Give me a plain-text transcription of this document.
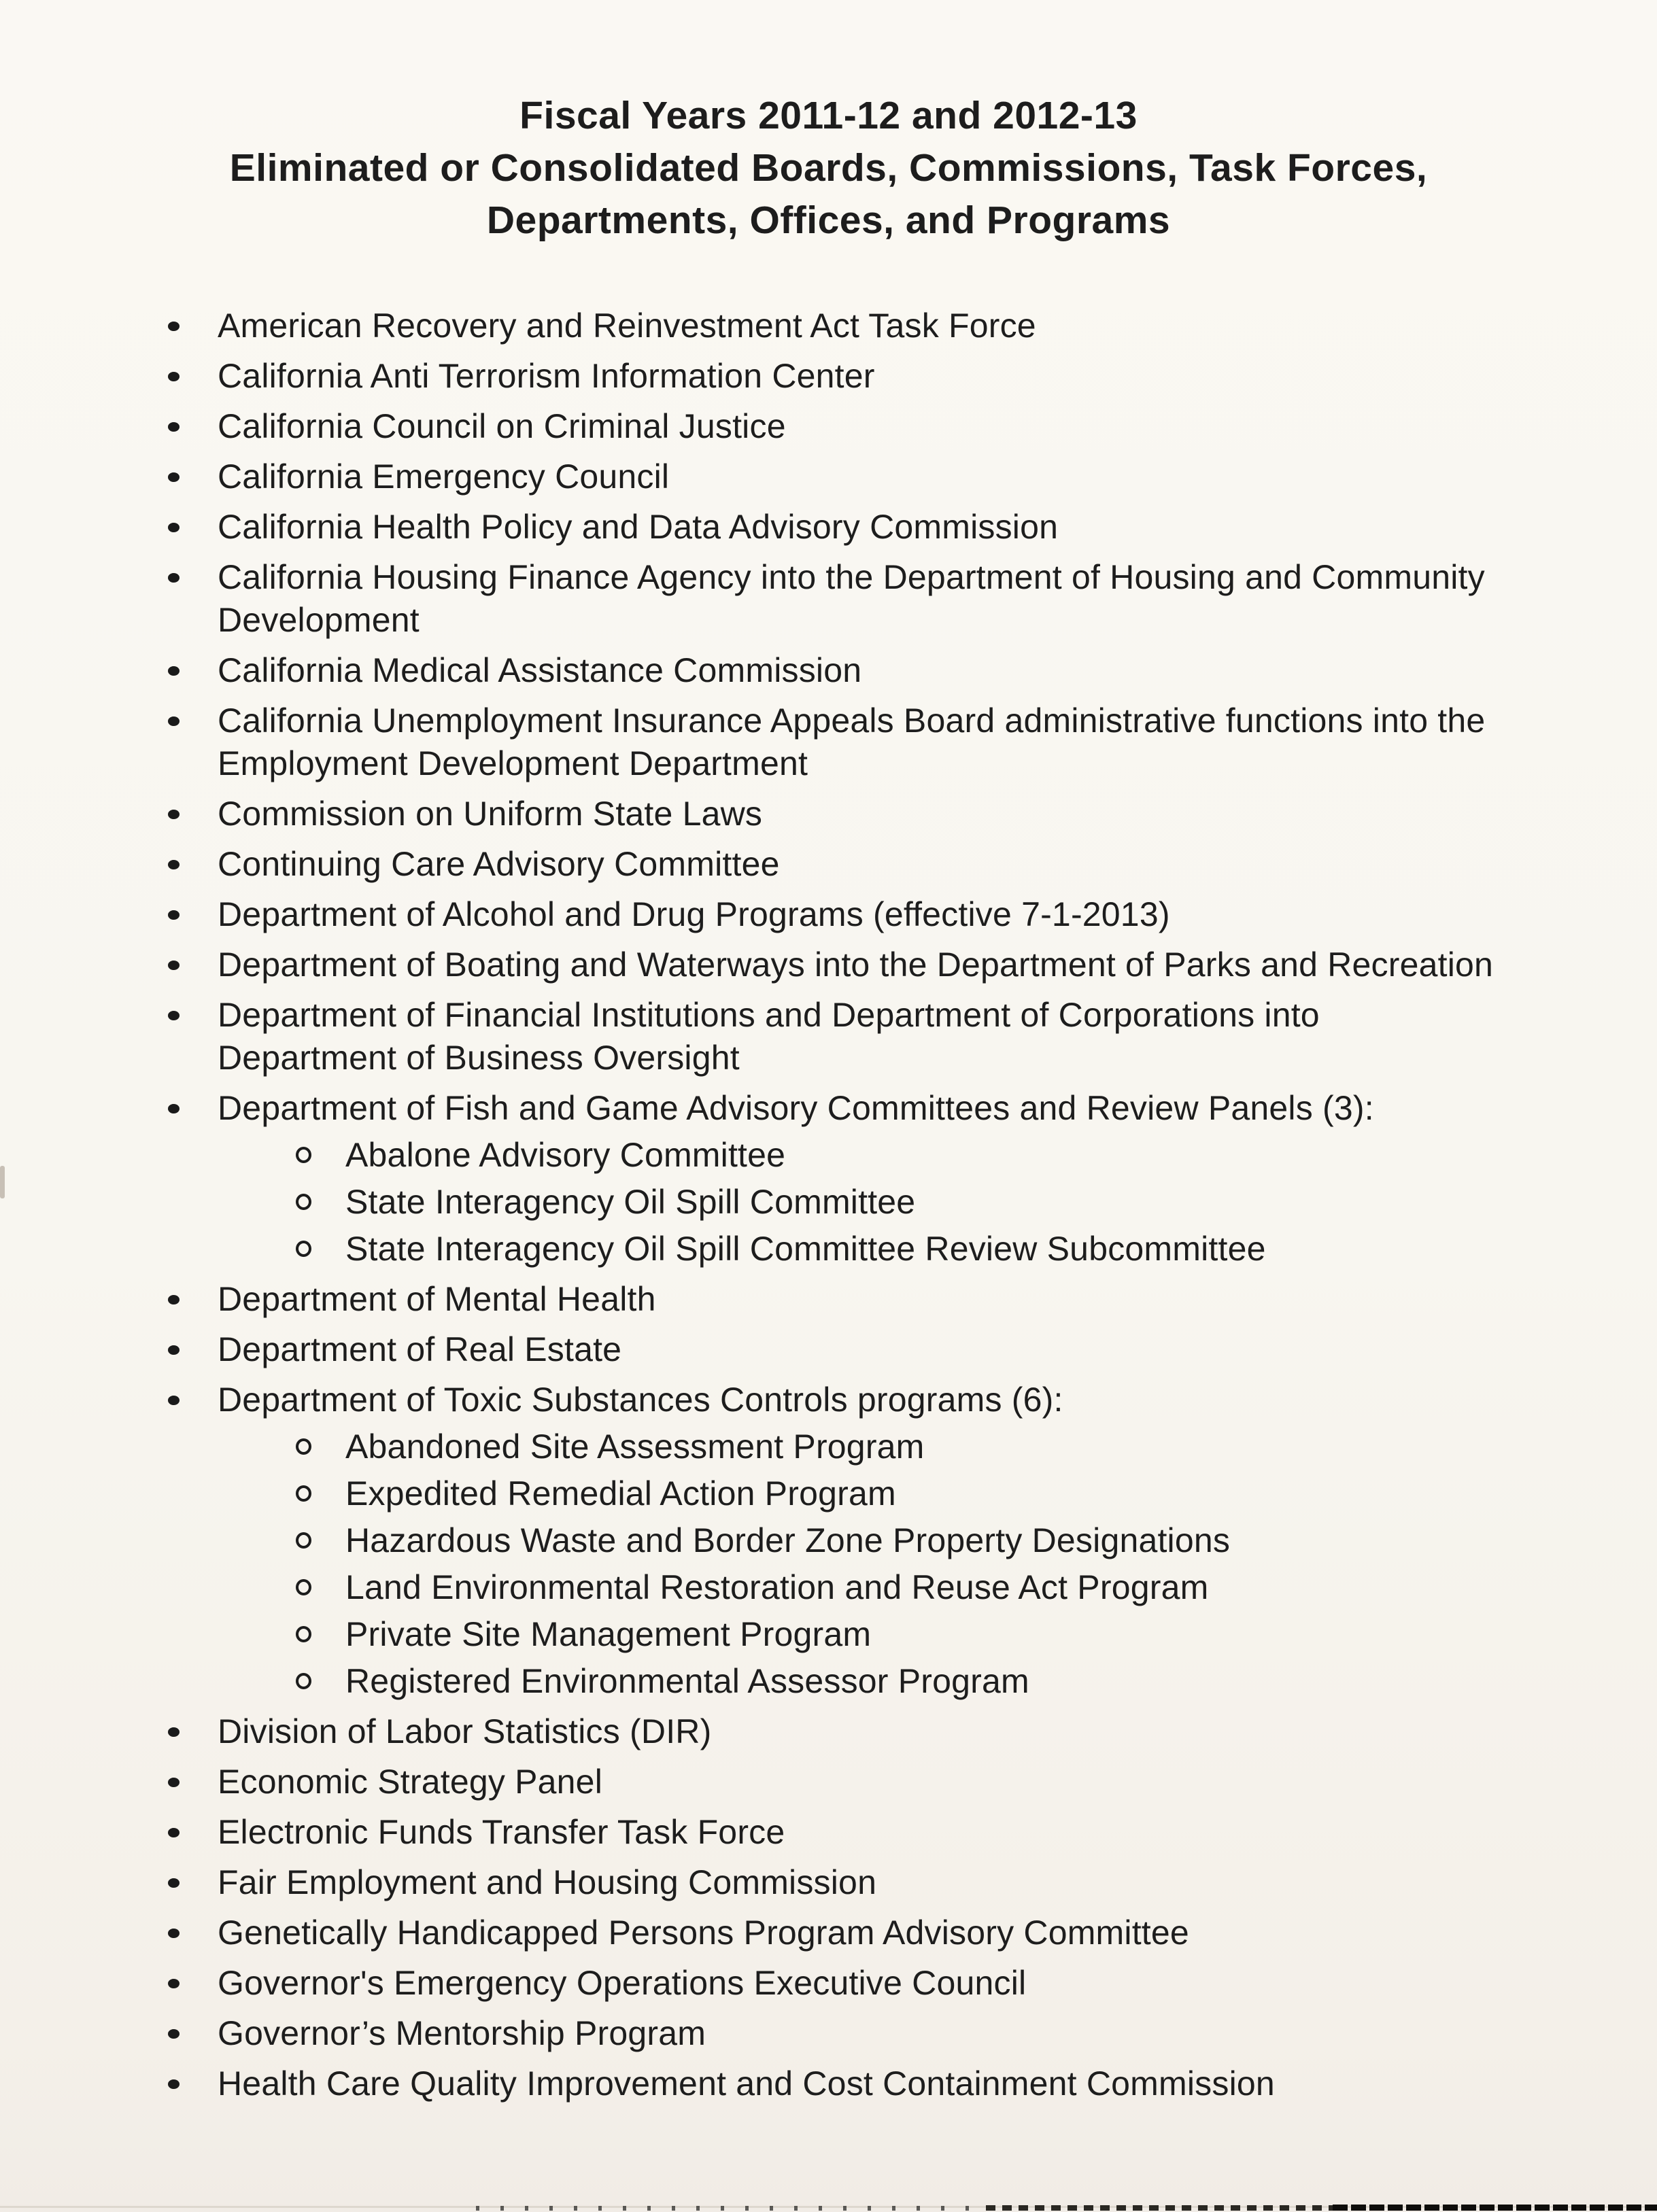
Fiscal Years 2011-12 and 2012-13
Eliminated or Consolidated Boards, Commissions, Task Forces,
Departments, Offices, and Programs
American Recovery and Reinvestment Act Task Force
California Anti Terrorism Information Center
California Council on Criminal Justice
California Emergency Council
California Health Policy and Data Advisory Commission
California Housing Finance Agency into the Department of Housing and Community
Development
California Medical Assistance Commission
California Unemployment Insurance Appeals Board administrative functions into the
Employment Development Department
Commission on Uniform State Laws
Continuing Care Advisory Committee
Department of Alcohol and Drug Programs (effective 7-1-2013)
Department of Boating and Waterways into the Department of Parks and Recreation
Department of Financial Institutions and Department of Corporations into
Department of Business Oversight
Department of Fish and Game Advisory Committees and Review Panels (3):
Abalone Advisory Committee
State Interagency Oil Spill Committee
State Interagency Oil Spill Committee Review Subcommittee
Department of Mental Health
Department of Real Estate
Department of Toxic Substances Controls programs (6):
Abandoned Site Assessment Program
Expedited Remedial Action Program
Hazardous Waste and Border Zone Property Designations
Land Environmental Restoration and Reuse Act Program
Private Site Management Program
Registered Environmental Assessor Program
Division of Labor Statistics (DIR)
Economic Strategy Panel
Electronic Funds Transfer Task Force
Fair Employment and Housing Commission
Genetically Handicapped Persons Program Advisory Committee
Governor's Emergency Operations Executive Council
Governor’s Mentorship Program
Health Care Quality Improvement and Cost Containment Commission
